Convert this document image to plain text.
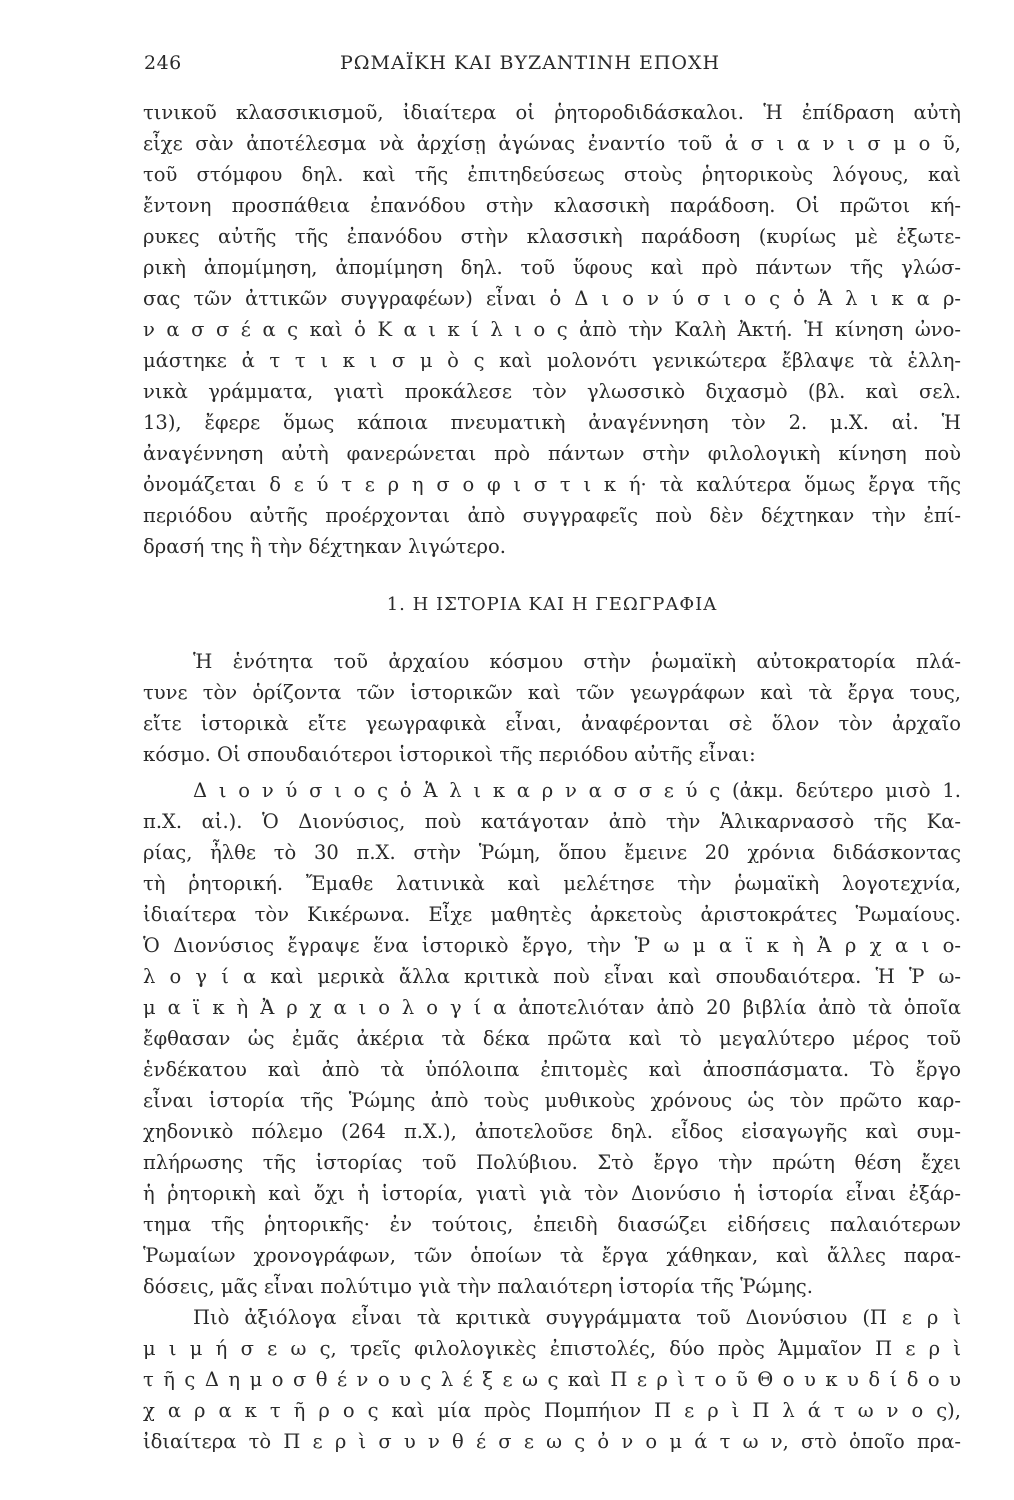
246	ΡΩΜΑΪΚΗ ΚΑΙ ΒΥΖΑΝΤΙΝΗ ΕΠΟΧΗ
τινικοῦ κλασσικισμοῦ, ἰδιαίτερα οἱ ῥητοροδιδάσκαλοι. Ἡ ἐπίδραση αὐτὴ
εἶχε σὰν ἀποτέλεσμα νὰ ἀρχίσῃ ἀγώνας ἐναντίο τοῦ ἀ σ ι α ν ι σ μ ο ῦ,
τοῦ στόμφου δηλ. καὶ τῆς ἐπιτηδεύσεως στοὺς ῥητορικοὺς λόγους, καὶ
ἔντονη προσπάθεια ἐπανόδου στὴν κλασσικὴ παράδοση. Οἱ πρῶτοι κή-
ρυκες αὐτῆς τῆς ἐπανόδου στὴν κλασσικὴ παράδοση (κυρίως μὲ ἐξωτε-
ρικὴ ἀπομίμηση, ἀπομίμηση δηλ. τοῦ ὕφους καὶ πρὸ πάντων τῆς γλώσ-
σας τῶν ἀττικῶν συγγραφέων) εἶναι ὁ Δ ι ο ν ύ σ ι ο ς ὁ Ἁ λ ι κ α ρ-
ν α σ σ έ α ς καὶ ὁ Κ α ι κ ί λ ι ο ς ἀπὸ τὴν Καλὴ Ἀκτή. Ἡ κίνηση ὠνο-
μάστηκε ἀ τ τ ι κ ι σ μ ὸ ς καὶ μολονότι γενικώτερα ἔβλαψε τὰ ἑλλη-
νικὰ γράμματα, γιατὶ προκάλεσε τὸν γλωσσικὸ διχασμὸ (βλ. καὶ σελ.
13), ἔφερε ὅμως κάποια πνευματικὴ ἀναγέννηση τὸν 2. μ.Χ. αἰ. Ἡ
ἀναγέννηση αὐτὴ φανερώνεται πρὸ πάντων στὴν φιλολογικὴ κίνηση ποὺ
ὀνομάζεται δ ε ύ τ ε ρ η σ ο φ ι σ τ ι κ ή· τὰ καλύτερα ὅμως ἔργα τῆς
περιόδου αὐτῆς προέρχονται ἀπὸ συγγραφεῖς ποὺ δὲν δέχτηκαν τὴν ἐπί-
δρασή της ἢ τὴν δέχτηκαν λιγώτερο.
1. Η ΙΣΤΟΡΙΑ ΚΑΙ Η ΓΕΩΓΡΑΦΙΑ
Ἡ ἑνότητα τοῦ ἀρχαίου κόσμου στὴν ῥωμαϊκὴ αὐτοκρατορία πλά-
τυνε τὸν ὁρίζοντα τῶν ἱστορικῶν καὶ τῶν γεωγράφων καὶ τὰ ἔργα τους,
εἴτε ἱστορικὰ εἴτε γεωγραφικὰ εἶναι, ἀναφέρονται σὲ ὅλον τὸν ἀρχαῖο
κόσμο. Οἱ σπουδαιότεροι ἱστορικοὶ τῆς περιόδου αὐτῆς εἶναι:
Δ ι ο ν ύ σ ι ο ς ὁ Ἁ λ ι κ α ρ ν α σ σ ε ύ ς (ἀκμ. δεύτερο μισὸ 1.
π.Χ. αἰ.). Ὁ Διονύσιος, ποὺ κατάγοταν ἀπὸ τὴν Ἁλικαρνασσὸ τῆς Κα-
ρίας, ἦλθε τὸ 30 π.Χ. στὴν Ῥώμη, ὅπου ἔμεινε 20 χρόνια διδάσκοντας
τὴ ῥητορική. Ἔμαθε λατινικὰ καὶ μελέτησε τὴν ῥωμαϊκὴ λογοτεχνία,
ἰδιαίτερα τὸν Κικέρωνα. Εἶχε μαθητὲς ἀρκετοὺς ἀριστοκράτες Ῥωμαίους.
Ὁ Διονύσιος ἔγραψε ἕνα ἱστορικὸ ἔργο, τὴν Ῥ ω μ α ϊ κ ὴ Ἀ ρ χ α ι ο-
λ ο γ ί α καὶ μερικὰ ἄλλα κριτικὰ ποὺ εἶναι καὶ σπουδαιότερα. Ἡ Ῥ ω-
μ α ϊ κ ὴ Ἀ ρ χ α ι ο λ ο γ ί α ἀποτελιόταν ἀπὸ 20 βιβλία ἀπὸ τὰ ὁποῖα
ἔφθασαν ὡς ἐμᾶς ἀκέρια τὰ δέκα πρῶτα καὶ τὸ μεγαλύτερο μέρος τοῦ
ἑνδέκατου καὶ ἀπὸ τὰ ὑπόλοιπα ἐπιτομὲς καὶ ἀποσπάσματα. Τὸ ἔργο
εἶναι ἱστορία τῆς Ῥώμης ἀπὸ τοὺς μυθικοὺς χρόνους ὡς τὸν πρῶτο καρ-
χηδονικὸ πόλεμο (264 π.Χ.), ἀποτελοῦσε δηλ. εἶδος εἰσαγωγῆς καὶ συμ-
πλήρωσης τῆς ἱστορίας τοῦ Πολύβιου. Στὸ ἔργο τὴν πρώτη θέση ἔχει
ἡ ῥητορικὴ καὶ ὄχι ἡ ἱστορία, γιατὶ γιὰ τὸν Διονύσιο ἡ ἱστορία εἶναι ἐξάρ-
τημα τῆς ῥητορικῆς· ἐν τούτοις, ἐπειδὴ διασώζει εἰδήσεις παλαιότερων
Ῥωμαίων χρονογράφων, τῶν ὁποίων τὰ ἔργα χάθηκαν, καὶ ἄλλες παρα-
δόσεις, μᾶς εἶναι πολύτιμο γιὰ τὴν παλαιότερη ἱστορία τῆς Ῥώμης.
Πιὸ ἀξιόλογα εἶναι τὰ κριτικὰ συγγράμματα τοῦ Διονύσιου (Π ε ρ ὶ
μ ι μ ή σ ε ω ς, τρεῖς φιλολογικὲς ἐπιστολές, δύο πρὸς Ἀμμαῖον Π ε ρ ὶ
τ ῆ ς Δ η μ ο σ θ έ ν ο υ ς λ έ ξ ε ω ς καὶ Π ε ρ ὶ τ ο ῦ Θ ο υ κ υ δ ί δ ο υ
χ α ρ α κ τ ῆ ρ ο ς καὶ μία πρὸς Πομπήιον Π ε ρ ὶ Π λ ά τ ω ν ο ς),
ἰδιαίτερα τὸ Π ε ρ ὶ σ υ ν θ έ σ ε ω ς ὀ ν ο μ ά τ ω ν, στὸ ὁποῖο πρα-
